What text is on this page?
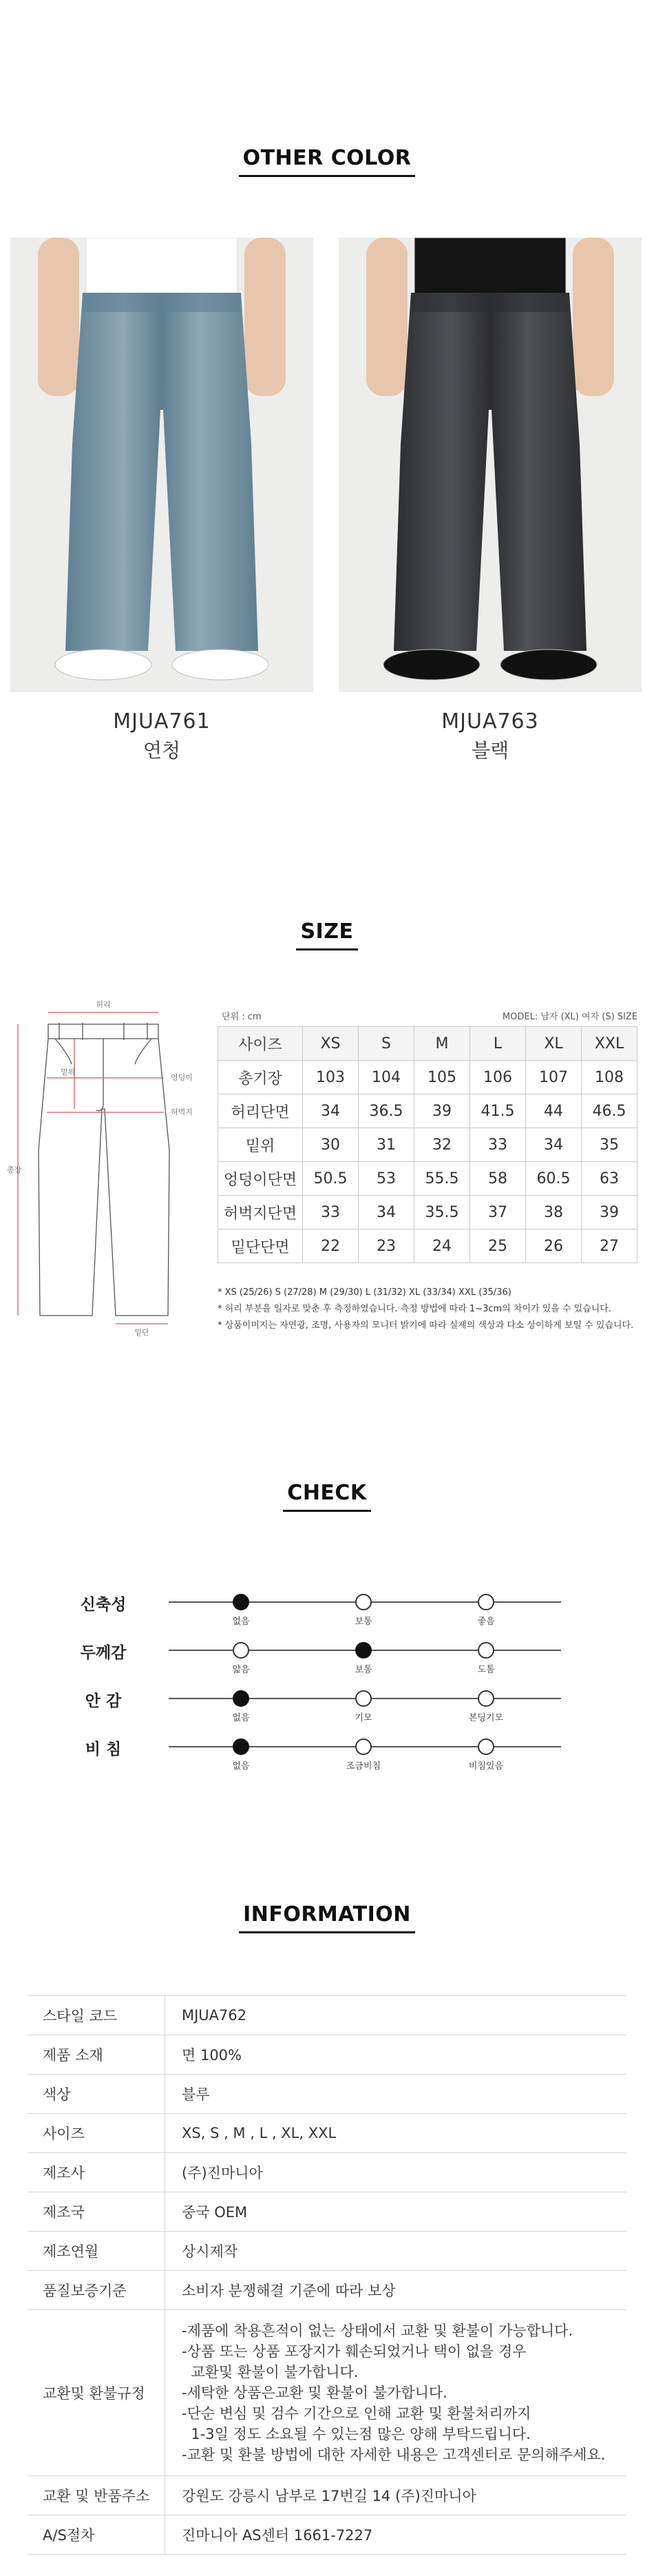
OTHER COLOR
MJUA761
연청
MJUA763
블랙
SIZE
허리
밑위
엉덩이
허벅지
총장
밑단
단위 : cm	MODEL: 남자 (XL) 여자 (S) SIZE
사이즈	XS	S	M	L	XL	XXL
총기장	103	104	105	106	107	108
허리단면	34	36.5	39	41.5	44	46.5
밑위	30	31	32	33	34	35
엉덩이단면	50.5	53	55.5	58	60.5	63
허벅지단면	33	34	35.5	37	38	39
밑단단면	22	23	24	25	26	27
* XS (25/26) S (27/28) M (29/30) L (31/32) XL (33/34) XXL (35/36)
* 허리 부분을 일자로 맞춘 후 측정하였습니다. 측정 방법에 따라 1~3cm의 차이가 있을 수 있습니다.
* 상품이미지는 자연광, 조명, 사용자의 모니터 밝기에 따라 실제의 색상과 다소 상이하게 보일 수 있습니다.
CHECK
신축성
없음	보통	좋음
두께감
얇음	보통	도톰
안 감
없음	기모	본딩기모
비 침
없음	조금비침	비침있음
INFORMATION
스타일 코드	MJUA762
제품 소재	면 100%
색상	블루
사이즈	XS, S , M , L , XL, XXL
제조사	(주)진마니아
제조국	중국 OEM
제조연월	상시제작
품질보증기준	소비자 분쟁해결 기준에 따라 보상
교환및 환불규정
-제품에 착용흔적이 없는 상태에서 교환 및 환불이 가능합니다.
-상품 또는 상품 포장지가 훼손되었거나 택이 없을 경우
교환및 환불이 불가합니다.
-세탁한 상품은교환 및 환불이 불가합니다.
-단순 변심 및 검수 기간으로 인해 교환 및 환불처리까지
1-3일 정도 소요될 수 있는점 많은 양해 부탁드립니다.
-교환 및 환불 방법에 대한 자세한 내용은 고객센터로 문의해주세요.
교환 및 반품주소	강원도 강릉시 남부로 17번길 14 (주)진마니아
A/S절차	진마니아 AS센터 1661-7227
